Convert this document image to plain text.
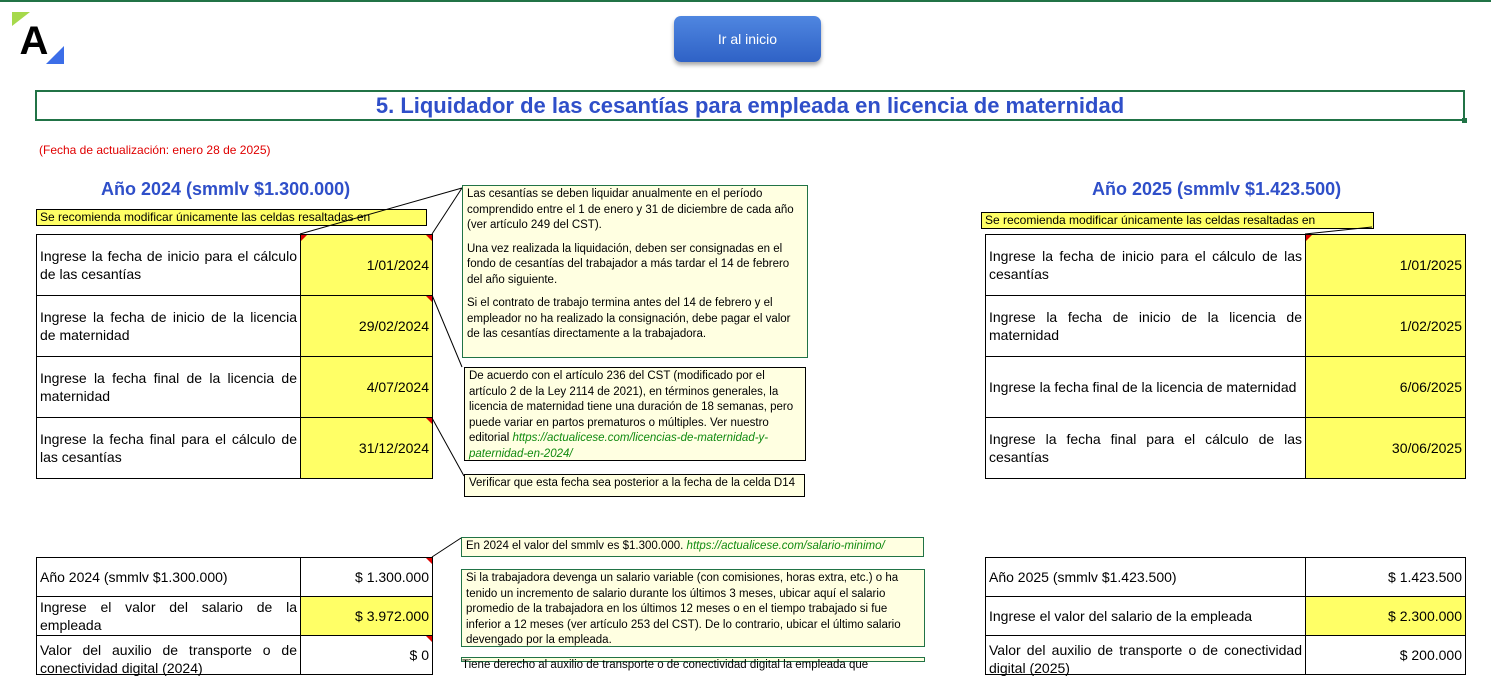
A	Ir al inicio
5. Liquidador de las cesantías para empleada en licencia de maternidad
(Fecha de actualización: enero 28 de 2025)
Año 2024 (smmlv $1.300.000)	Año 2025 (smmlv $1.423.500)
Se recomienda modificar únicamente las celdas resaltadas en	Se recomienda modificar únicamente las celdas resaltadas en
Ingrese la fecha de inicio para el cálculo de las cesantías	1/01/2024

Ingrese la fecha de inicio de la licencia de maternidad	29/02/2024

Ingrese la fecha final de la licencia de maternidad	4/07/2024
Ingrese la fecha final para el cálculo de las cesantías	31/12/2024
Ingrese la fecha de inicio para el cálculo de las cesantías	1/01/2025
Ingrese la fecha de inicio de la licencia de maternidad	1/02/2025
Ingrese la fecha final de la licencia de maternidad	6/06/2025
Ingrese la fecha final para el cálculo de las cesantías	30/06/2025
Año 2024 (smmlv $1.300.000)	$ 1.300.000

Ingrese el valor del salario de la empleada	$ 3.972.000

Valor del auxilio de transporte o de conectividad digital (2024)	$ 0
Año 2025 (smmlv $1.423.500)	$ 1.423.500
Ingrese el valor del salario de la empleada	$ 2.300.000

Valor del auxilio de transporte o de conectividad digital (2025)	$ 200.000

Las cesantías se deben liquidar anualmente en el período comprendido entre el 1 de enero y 31 de diciembre de cada año (ver artículo 249 del CST).

Una vez realizada la liquidación, deben ser consignadas en el fondo de cesantías del trabajador a más tardar el 14 de febrero del año siguiente.

Si el contrato de trabajo termina antes del 14 de febrero y el empleador no ha realizado la consignación, debe pagar el valor de las cesantías directamente a la trabajadora.

De acuerdo con el artículo 236 del CST (modificado por el artículo 2 de la Ley 2114 de 2021), en términos generales, la licencia de maternidad tiene una duración de 18 semanas, pero puede variar en partos prematuros o múltiples. Ver nuestro editorial https://actualicese.com/licencias-de-maternidad-y-paternidad-en-2024/
Verificar que esta fecha sea posterior a la fecha de la celda D14
En 2024 el valor del smmlv es $1.300.000. https://actualicese.com/salario-minimo/
Si la trabajadora devenga un salario variable (con comisiones, horas extra, etc.) o ha tenido un incremento de salario durante los últimos 3 meses, ubicar aquí el salario promedio de la trabajadora en los últimos 12 meses o en el tiempo trabajado si fue inferior a 12 meses (ver artículo 253 del CST). De lo contrario, ubicar el último salario devengado por la empleada.
Tiene derecho al auxilio de transporte o de conectividad digital la empleada que
